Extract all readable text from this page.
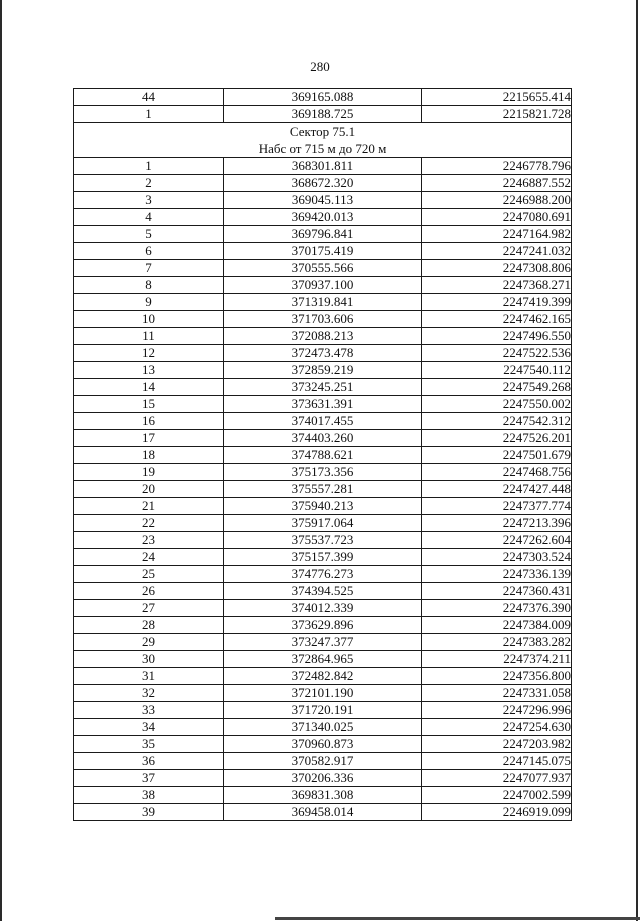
280
44	369165.088	2215655.414
1	369188.725	2215821.728

Сектор 75.1
Набс от 715 м до 720 м		

1	368301.811	2246778.796
2	368672.320	2246887.552
3	369045.113	2246988.200
4	369420.013	2247080.691
5	369796.841	2247164.982
6	370175.419	2247241.032
7	370555.566	2247308.806
8	370937.100	2247368.271
9	371319.841	2247419.399
10	371703.606	2247462.165
11	372088.213	2247496.550
12	372473.478	2247522.536
13	372859.219	2247540.112
14	373245.251	2247549.268
15	373631.391	2247550.002
16	374017.455	2247542.312
17	374403.260	2247526.201
18	374788.621	2247501.679
19	375173.356	2247468.756
20	375557.281	2247427.448
21	375940.213	2247377.774
22	375917.064	2247213.396
23	375537.723	2247262.604
24	375157.399	2247303.524
25	374776.273	2247336.139
26	374394.525	2247360.431
27	374012.339	2247376.390
28	373629.896	2247384.009
29	373247.377	2247383.282
30	372864.965	2247374.211
31	372482.842	2247356.800
32	372101.190	2247331.058
33	371720.191	2247296.996
34	371340.025	2247254.630
35	370960.873	2247203.982
36	370582.917	2247145.075
37	370206.336	2247077.937
38	369831.308	2247002.599
39	369458.014	2246919.099
